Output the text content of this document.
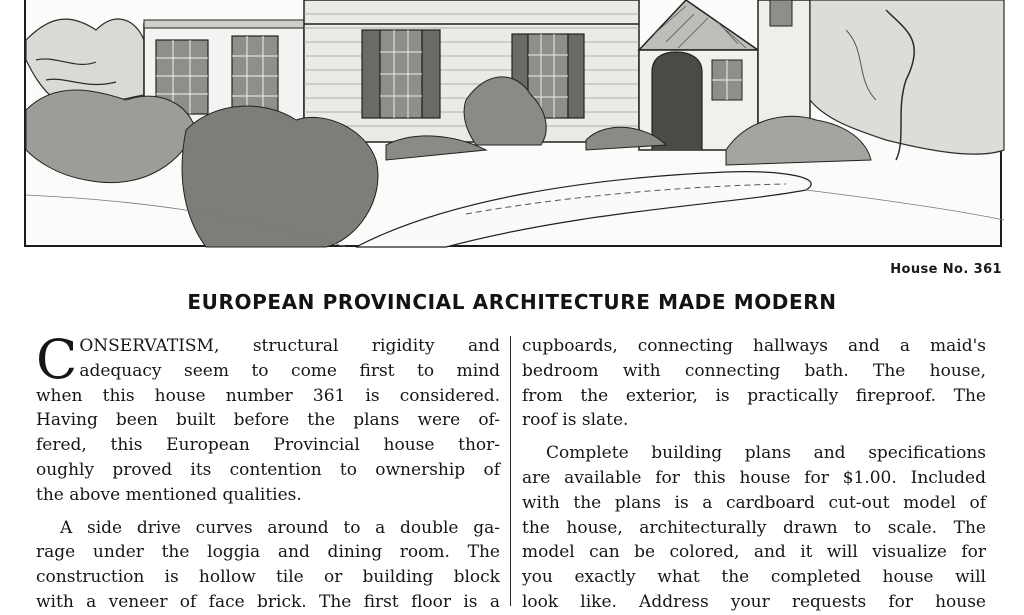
House No. 361
EUROPEAN PROVINCIAL ARCHITECTURE MADE MODERN
C ONSERVATISM, structural rigidity and
adequacy seem to come first to mind
when this house number 361 is considered.
Having been built before the plans were of-
fered, this European Provincial house thor-
oughly proved its contention to ownership of
the above mentioned qualities.
A side drive curves around to a double ga-
rage under the loggia and dining room. The
construction is hollow tile or building block
with a veneer of face brick. The first floor is a
cupboards, connecting hallways and a maid's
bedroom with connecting bath. The house,
from the exterior, is practically fireproof. The
roof is slate.
Complete building plans and specifications
are available for this house for $1.00. Included
with the plans is a cardboard cut-out model of
the house, architecturally drawn to scale. The
model can be colored, and it will visualize for
you exactly what the completed house will
look like. Address your requests for house
